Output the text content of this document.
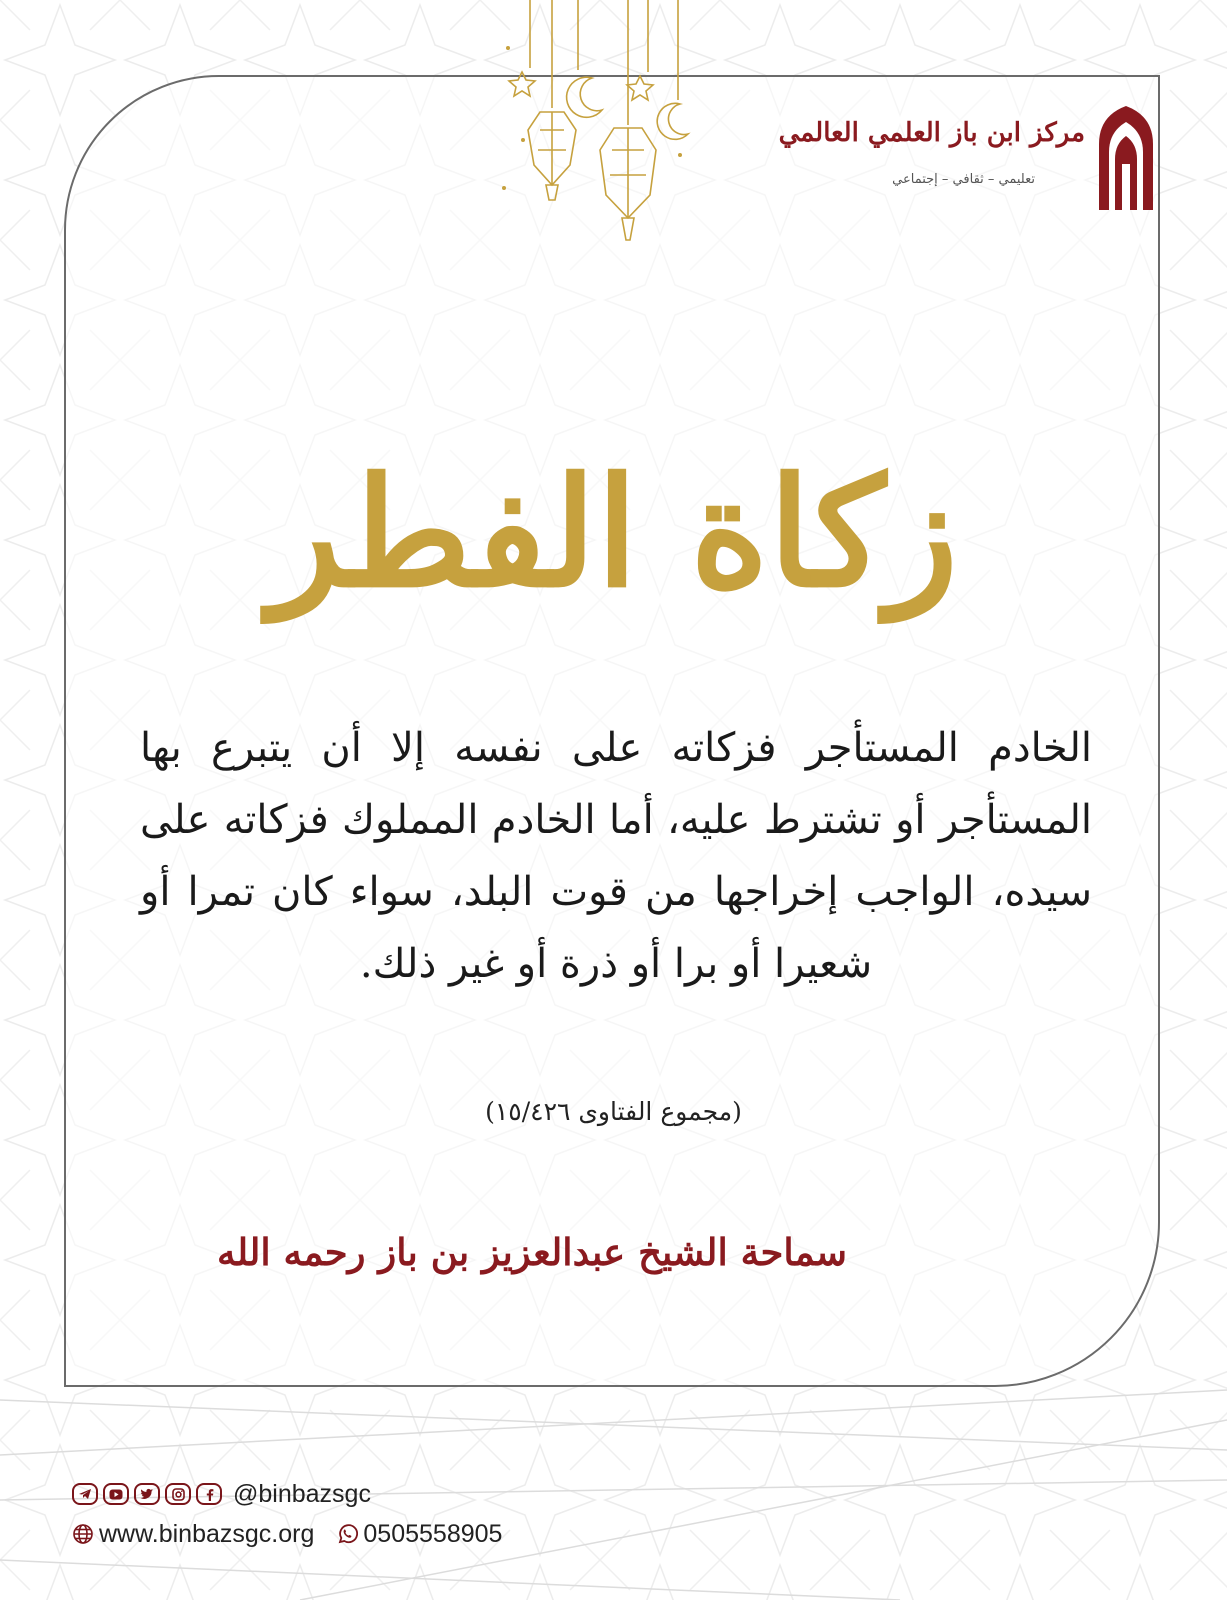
مركز ابن باز العلمي العالمي
تعليمي – ثقافي – إجتماعي
زكاة الفطر
الخادم المستأجر فزكاته على نفسه إلا أن يتبرع بها المستأجر أو تشترط عليه، أما الخادم المملوك فزكاته على سيده، الواجب إخراجها من قوت البلد، سواء كان تمرا أو شعيرا أو برا أو ذرة أو غير ذلك.
(مجموع الفتاوى ١٥/٤٢٦)
سماحة الشيخ عبدالعزيز بن باز رحمه الله
@binbazsgc
www.binbazsgc.org 0505558905
